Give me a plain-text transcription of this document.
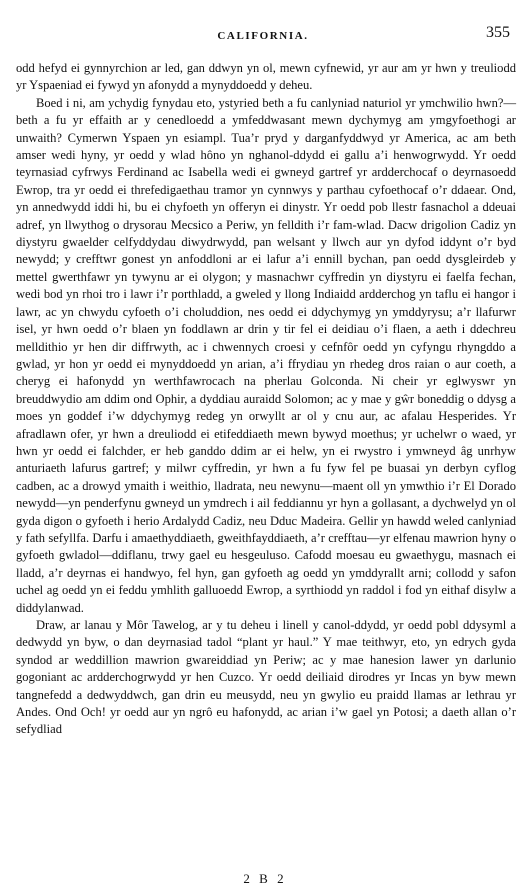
CALIFORNIA.	355

odd hefyd ei gynnyrchion ar led, gan ddwyn yn ol, mewn cyfnewid, yr aur am yr hwn y treuliodd yr Yspaeniad ei fywyd yn afonydd a mynyddoedd y deheu.

Boed i ni, am ychydig fynydau eto, ystyried beth a fu canlyniad naturiol yr ymchwilio hwn?—beth a fu yr effaith ar y cenedloedd a ymfeddwasant mewn dychymyg am ymgyfoethogi ar unwaith? Cymerwn Yspaen yn esiampl. Tua’r pryd y darganfyddwyd yr America, ac am beth amser wedi hyny, yr oedd y wlad hôno yn nghanol-ddydd ei gallu a’i henwogrwydd. Yr oedd teyrnasiad cyfrwys Ferdinand ac Isabella wedi ei gwneyd gartref yr ardderchocaf o deyrnasoedd Ewrop, tra yr oedd ei threfedigaethau tramor yn cynnwys y parthau cyfoethocaf o’r ddaear. Ond, yn annedwydd iddi hi, bu ei chyfoeth yn offeryn ei dinystr. Yr oedd pob llestr fasnachol a ddeuai adref, yn llwythog o drysorau Mecsico a Periw, yn felldith i’r fam-wlad. Dacw drigolion Cadiz yn diystyru gwaelder celfyddydau diwydrwydd, pan welsant y llwch aur yn dyfod iddynt o’r byd newydd; y crefftwr gonest yn anfoddloni ar ei lafur a’i ennill bychan, pan oedd dysgleirdeb y mettel gwerthfawr yn tywynu ar ei olygon; y masnachwr cyffredin yn diystyru ei faelfa fechan, wedi bod yn rhoi tro i lawr i’r porthladd, a gweled y llong Indiaidd ardderchog yn taflu ei hangor i lawr, ac yn chwydu cyfoeth o’i choluddion, nes oedd ei ddychymyg yn ymddyrysu; a’r llafurwr isel, yr hwn oedd o’r blaen yn foddlawn ar drin y tir fel ei deidiau o’i flaen, a aeth i ddechreu melldithio yr hen dir diffrwyth, ac i chwennych croesi y cefnfôr oedd yn cyfyngu rhyngddo a gwlad, yr hon yr oedd ei mynyddoedd yn arian, a’i ffrydiau yn rhedeg dros raian o aur coeth, a cheryg ei hafonydd yn werthfawrocach na pherlau Golconda. Ni cheir yr eglwyswr yn breuddwydio am ddim ond Ophir, a dyddiau auraidd Solomon; ac y mae y gŵr boneddig o ddysg a moes yn goddef i’w ddychymyg redeg yn orwyllt ar ol y cnu aur, ac afalau Hesperides. Yr afradlawn ofer, yr hwn a dreuliodd ei etifeddiaeth mewn bywyd moethus; yr uchelwr o waed, yr hwn yr oedd ei falchder, er heb ganddo ddim ar ei helw, yn ei rwystro i ymwneyd âg unrhyw anturiaeth lafurus gartref; y milwr cyffredin, yr hwn a fu fyw fel pe buasai yn derbyn cyflog cadben, ac a drowyd ymaith i weithio, lladrata, neu newynu—maent oll yn ymwthio i’r El Dorado newydd—yn penderfynu gwneyd un ymdrech i ail feddiannu yr hyn a gollasant, a dychwelyd yn ol gyda digon o gyfoeth i herio Ardalydd Cadiz, neu Dduc Madeira. Gellir yn hawdd weled canlyniad y fath sefyllfa. Darfu i amaethyddiaeth, gweithfayddiaeth, a’r crefftau—yr elfenau mawrion hyny o gyfoeth gwladol—ddiflanu, trwy gael eu hesgeuluso. Cafodd moesau eu gwaethygu, masnach ei lladd, a’r deyrnas ei handwyo, fel hyn, gan gyfoeth ag oedd yn ymddyrallt arni; collodd y safon uchel ag oedd yn ei feddu ymhlith galluoedd Ewrop, a syrthiodd yn raddol i fod yn eithaf disylw a diddylanwad.

Draw, ar lanau y Môr Tawelog, ar y tu deheu i linell y canol-ddydd, yr oedd pobl ddysyml a dedwydd yn byw, o dan deyrnasiad tadol “plant yr haul.” Y mae teithwyr, eto, yn edrych gyda syndod ar weddillion mawrion gwareiddiad yn Periw; ac y mae hanesion lawer yn darlunio gogoniant ac ardderchogrwydd yr hen Cuzco. Yr oedd deiliaid dirodres yr Incas yn byw mewn tangnefedd a dedwyddwch, gan drin eu meusydd, neu yn gwylio eu praidd llamas ar lethrau yr Andes. Ond Och! yr oedd aur yn ngrô eu hafonydd, ac arian i’w gael yn Potosi; a daeth allan o’r sefydliad

2 B 2
